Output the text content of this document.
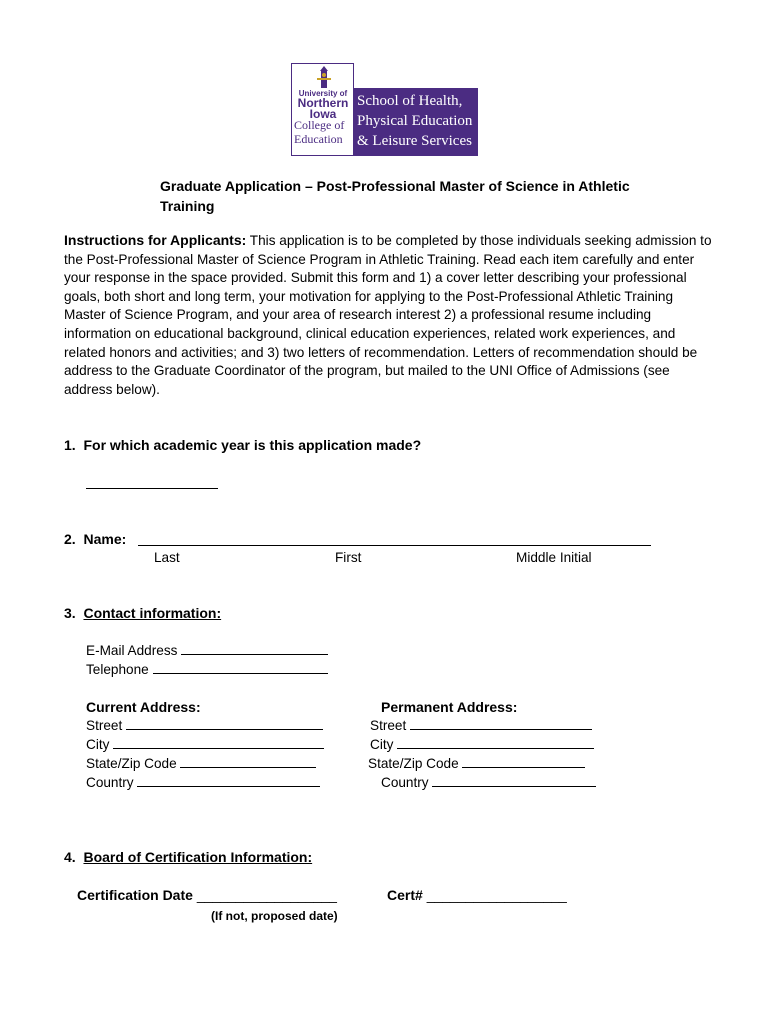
University of
Northern
Iowa
College of
Education
School of Health,
Physical Education
& Leisure Services
Graduate Application – Post-Professional Master of Science in Athletic
Training
Instructions for Applicants: This application is to be completed by those individuals seeking admission to the Post-Professional Master of Science Program in Athletic Training. Read each item carefully and enter your response in the space provided. Submit this form and 1) a cover letter describing your professional goals, both short and long term, your motivation for applying to the Post-Professional Athletic Training Master of Science Program, and your area of research interest 2) a professional resume including information on educational background, clinical education experiences, related work experiences, and related honors and activities; and 3) two letters of recommendation. Letters of recommendation should be address to the Graduate Coordinator of the program, but mailed to the UNI Office of Admissions (see address below).
1. For which academic year is this application made?
2. Name:
Last	First	Middle Initial
3. Contact information:
E-Mail Address
Telephone
Current Address:
Street
City
State/Zip Code
Country
Permanent Address:
Street
City
State/Zip Code
Country
4. Board of Certification Information:
Certification Date __________________	Cert# __________________
(If not, proposed date)
